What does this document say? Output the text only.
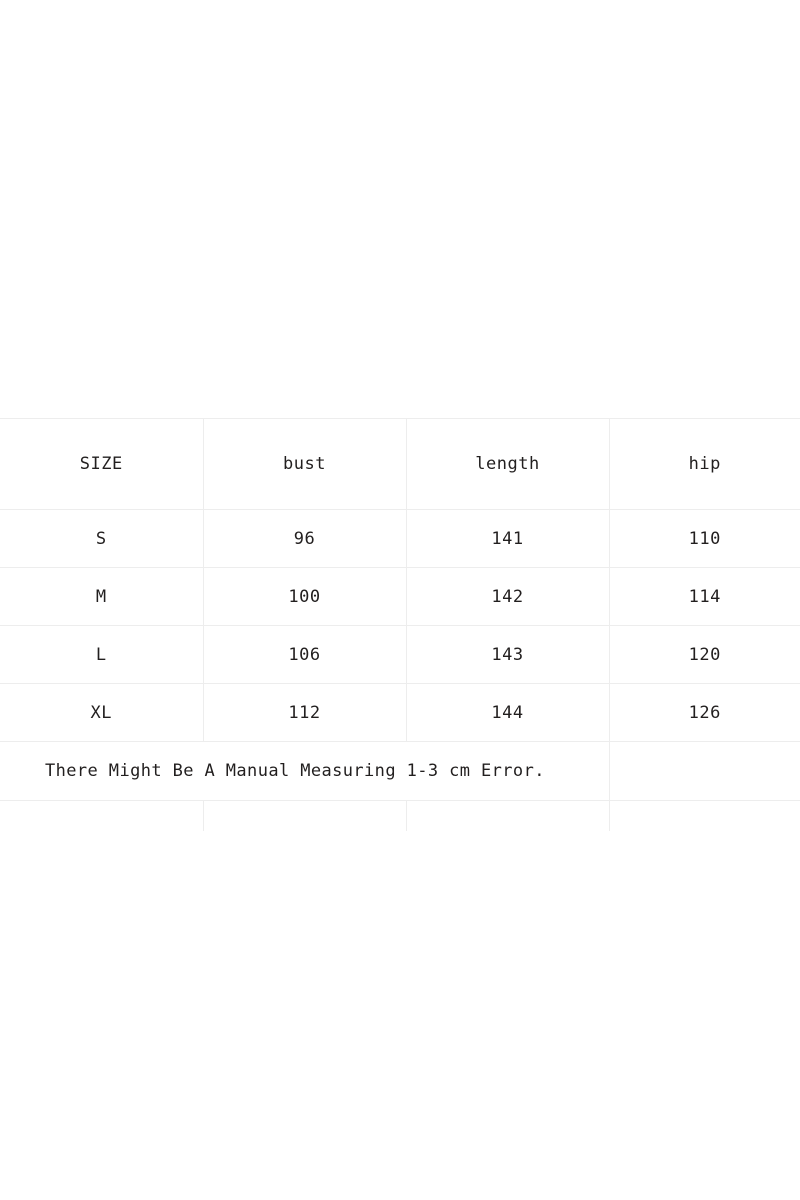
SIZE	bust	length	hip
S	96	141	110
M	100	142	114
L	106	143	120
XL	112	144	126
There Might Be A Manual Measuring 1-3 cm Error.			
